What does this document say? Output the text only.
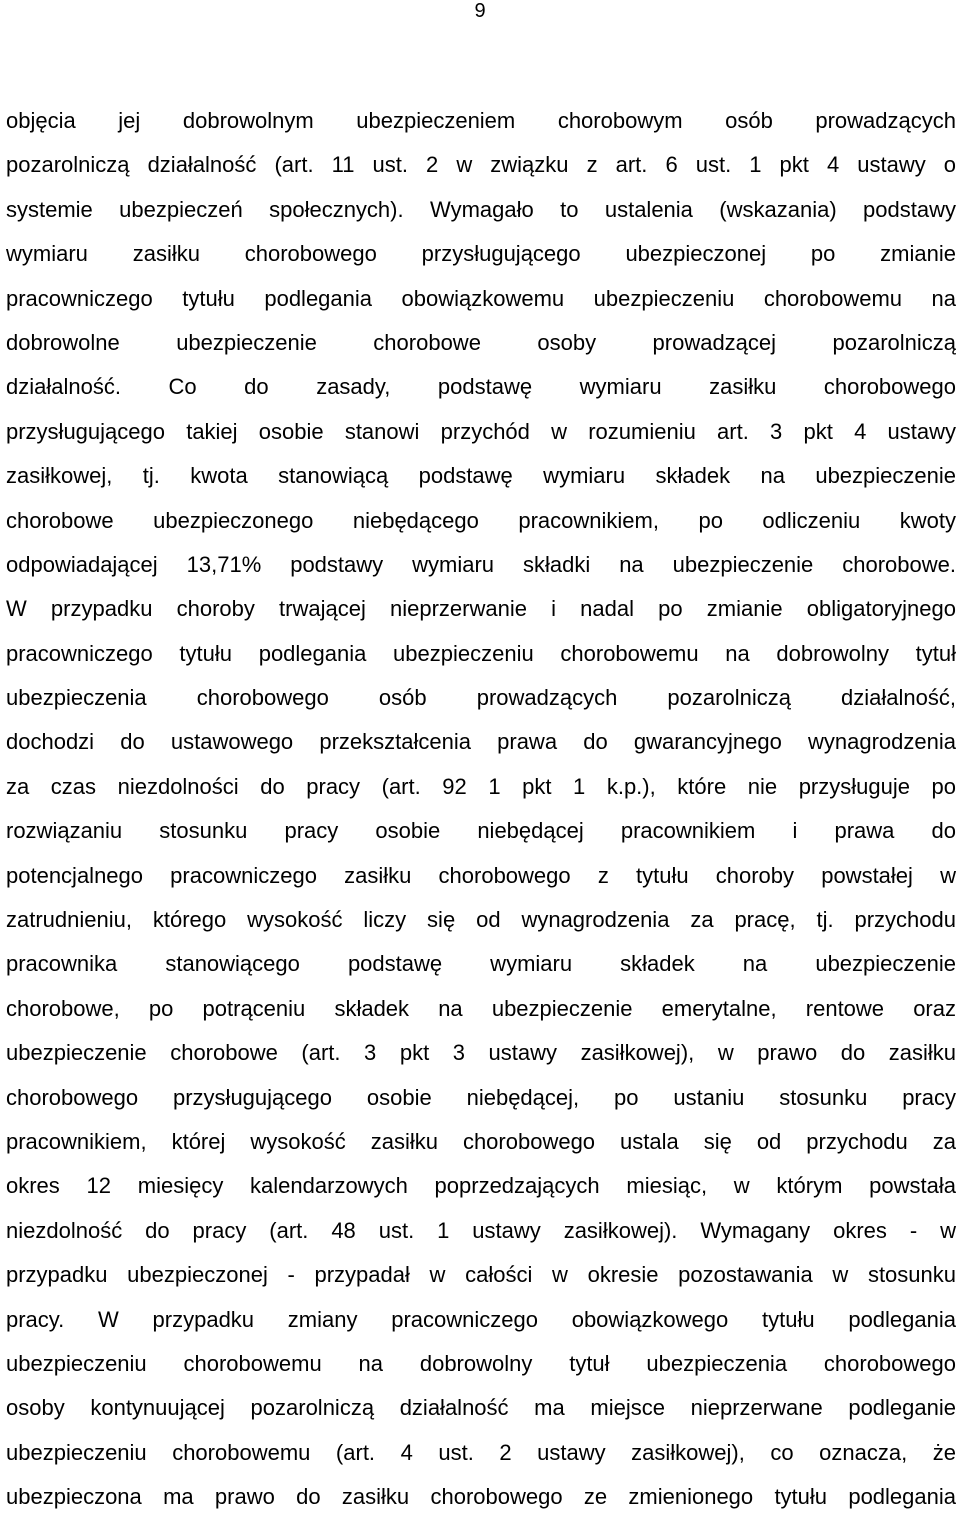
9
objęcia jej dobrowolnym ubezpieczeniem chorobowym osób prowadzących
pozarolniczą działalność (art. 11 ust. 2 w związku z art. 6 ust. 1 pkt 4 ustawy o
systemie ubezpieczeń społecznych). Wymagało to ustalenia (wskazania) podstawy
wymiaru zasiłku chorobowego przysługującego ubezpieczonej po zmianie
pracowniczego tytułu podlegania obowiązkowemu ubezpieczeniu chorobowemu na
dobrowolne ubezpieczenie chorobowe osoby prowadzącej pozarolniczą
działalność. Co do zasady, podstawę wymiaru zasiłku chorobowego
przysługującego takiej osobie stanowi przychód w rozumieniu art. 3 pkt 4 ustawy
zasiłkowej, tj. kwota stanowiącą podstawę wymiaru składek na ubezpieczenie
chorobowe ubezpieczonego niebędącego pracownikiem, po odliczeniu kwoty
odpowiadającej 13,71% podstawy wymiaru składki na ubezpieczenie chorobowe.
W przypadku choroby trwającej nieprzerwanie i nadal po zmianie obligatoryjnego
pracowniczego tytułu podlegania ubezpieczeniu chorobowemu na dobrowolny tytuł
ubezpieczenia chorobowego osób prowadzących pozarolniczą działalność,
dochodzi do ustawowego przekształcenia prawa do gwarancyjnego wynagrodzenia
za czas niezdolności do pracy (art. 92 1 pkt 1 k.p.), które nie przysługuje po
rozwiązaniu stosunku pracy osobie niebędącej pracownikiem i prawa do
potencjalnego pracowniczego zasiłku chorobowego z tytułu choroby powstałej w
zatrudnieniu, którego wysokość liczy się od wynagrodzenia za pracę, tj. przychodu
pracownika stanowiącego podstawę wymiaru składek na ubezpieczenie
chorobowe, po potrąceniu składek na ubezpieczenie emerytalne, rentowe oraz
ubezpieczenie chorobowe (art. 3 pkt 3 ustawy zasiłkowej), w prawo do zasiłku
chorobowego przysługującego osobie niebędącej, po ustaniu stosunku pracy
pracownikiem, której wysokość zasiłku chorobowego ustala się od przychodu za
okres 12 miesięcy kalendarzowych poprzedzających miesiąc, w którym powstała
niezdolność do pracy (art. 48 ust. 1 ustawy zasiłkowej). Wymagany okres - w
przypadku ubezpieczonej - przypadał w całości w okresie pozostawania w stosunku
pracy. W przypadku zmiany pracowniczego obowiązkowego tytułu podlegania
ubezpieczeniu chorobowemu na dobrowolny tytuł ubezpieczenia chorobowego
osoby kontynuującej pozarolniczą działalność ma miejsce nieprzerwane podleganie
ubezpieczeniu chorobowemu (art. 4 ust. 2 ustawy zasiłkowej), co oznacza, że
ubezpieczona ma prawo do zasiłku chorobowego ze zmienionego tytułu podlegania
